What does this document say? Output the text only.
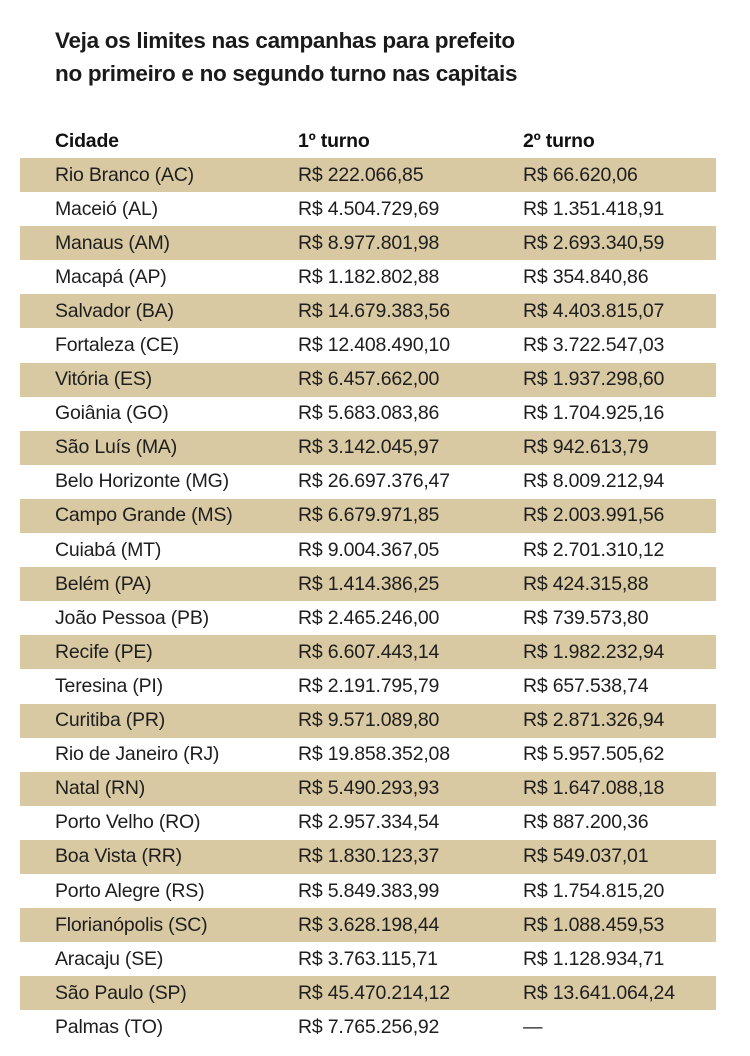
Veja os limites nas campanhas para prefeito
no primeiro e no segundo turno nas capitais
Cidade	1º turno	2º turno
Rio Branco (AC)	R$ 222.066,85	R$ 66.620,06
Maceió (AL)	R$ 4.504.729,69	R$ 1.351.418,91
Manaus (AM)	R$ 8.977.801,98	R$ 2.693.340,59
Macapá (AP)	R$ 1.182.802,88	R$ 354.840,86
Salvador (BA)	R$ 14.679.383,56	R$ 4.403.815,07
Fortaleza (CE)	R$ 12.408.490,10	R$ 3.722.547,03
Vitória (ES)	R$ 6.457.662,00	R$ 1.937.298,60
Goiânia (GO)	R$ 5.683.083,86	R$ 1.704.925,16
São Luís (MA)	R$ 3.142.045,97	R$ 942.613,79
Belo Horizonte (MG)	R$ 26.697.376,47	R$ 8.009.212,94
Campo Grande (MS)	R$ 6.679.971,85	R$ 2.003.991,56
Cuiabá (MT)	R$ 9.004.367,05	R$ 2.701.310,12
Belém (PA)	R$ 1.414.386,25	R$ 424.315,88
João Pessoa (PB)	R$ 2.465.246,00	R$ 739.573,80
Recife (PE)	R$ 6.607.443,14	R$ 1.982.232,94
Teresina (PI)	R$ 2.191.795,79	R$ 657.538,74
Curitiba (PR)	R$ 9.571.089,80	R$ 2.871.326,94
Rio de Janeiro (RJ)	R$ 19.858.352,08	R$ 5.957.505,62
Natal (RN)	R$ 5.490.293,93	R$ 1.647.088,18
Porto Velho (RO)	R$ 2.957.334,54	R$ 887.200,36
Boa Vista (RR)	R$ 1.830.123,37	R$ 549.037,01
Porto Alegre (RS)	R$ 5.849.383,99	R$ 1.754.815,20
Florianópolis (SC)	R$ 3.628.198,44	R$ 1.088.459,53
Aracaju (SE)	R$ 3.763.115,71	R$ 1.128.934,71
São Paulo (SP)	R$ 45.470.214,12	R$ 13.641.064,24
Palmas (TO)	R$ 7.765.256,92	—
